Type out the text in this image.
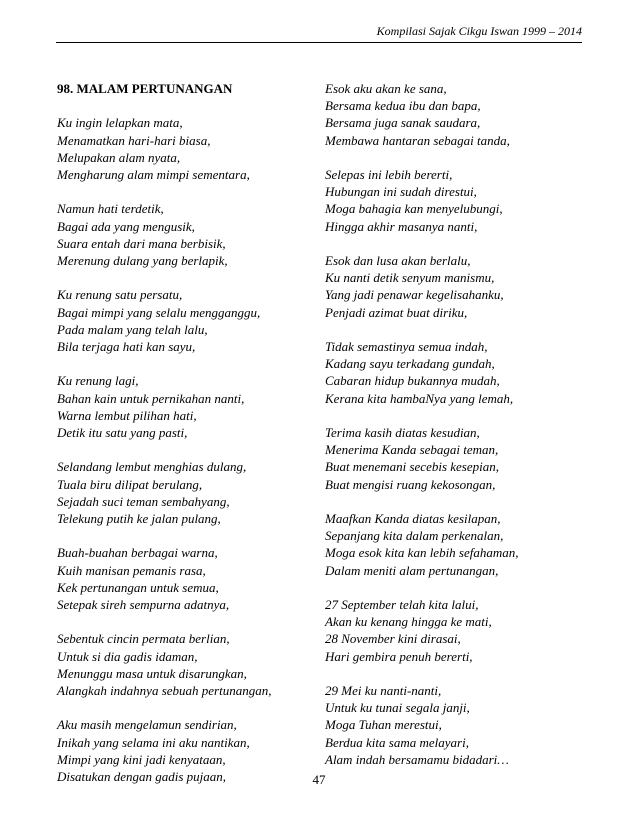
Kompilasi Sajak Cikgu Iswan 1999 – 2014
98. MALAM PERTUNANGAN
Ku ingin lelapkan mata,
Menamatkan hari-hari biasa,
Melupakan alam nyata,
Mengharung alam mimpi sementara,
Namun hati terdetik,
Bagai ada yang mengusik,
Suara entah dari mana berbisik,
Merenung dulang yang berlapik,
Ku renung satu persatu,
Bagai mimpi yang selalu mengganggu,
Pada malam yang telah lalu,
Bila terjaga hati kan sayu,
Ku renung lagi,
Bahan kain untuk pernikahan nanti,
Warna lembut pilihan hati,
Detik itu satu yang pasti,
Selandang lembut menghias dulang,
Tuala biru dilipat berulang,
Sejadah suci teman sembahyang,
Telekung putih ke jalan pulang,
Buah-buahan berbagai warna,
Kuih manisan pemanis rasa,
Kek pertunangan untuk semua,
Setepak sireh sempurna adatnya,
Sebentuk cincin permata berlian,
Untuk si dia gadis idaman,
Menunggu masa untuk disarungkan,
Alangkah indahnya sebuah pertunangan,
Aku masih mengelamun sendirian,
Inikah yang selama ini aku nantikan,
Mimpi yang kini jadi kenyataan,
Disatukan dengan gadis pujaan,
Esok aku akan ke sana,
Bersama kedua ibu dan bapa,
Bersama juga sanak saudara,
Membawa hantaran sebagai tanda,
Selepas ini lebih bererti,
Hubungan ini sudah direstui,
Moga bahagia kan menyelubungi,
Hingga akhir masanya nanti,
Esok dan lusa akan berlalu,
Ku nanti detik senyum manismu,
Yang jadi penawar kegelisahanku,
Penjadi azimat buat diriku,
Tidak semastinya semua indah,
Kadang sayu terkadang gundah,
Cabaran hidup bukannya mudah,
Kerana kita hambaNya yang lemah,
Terima kasih diatas kesudian,
Menerima Kanda sebagai teman,
Buat menemani secebis kesepian,
Buat mengisi ruang kekosongan,
Maafkan Kanda diatas kesilapan,
Sepanjang kita dalam perkenalan,
Moga esok kita kan lebih sefahaman,
Dalam meniti alam pertunangan,
27 September telah kita lalui,
Akan ku kenang hingga ke mati,
28 November kini dirasai,
Hari gembira penuh bererti,
29 Mei ku nanti-nanti,
Untuk ku tunai segala janji,
Moga Tuhan merestui,
Berdua kita sama melayari,
Alam indah bersamamu bidadari…
47
